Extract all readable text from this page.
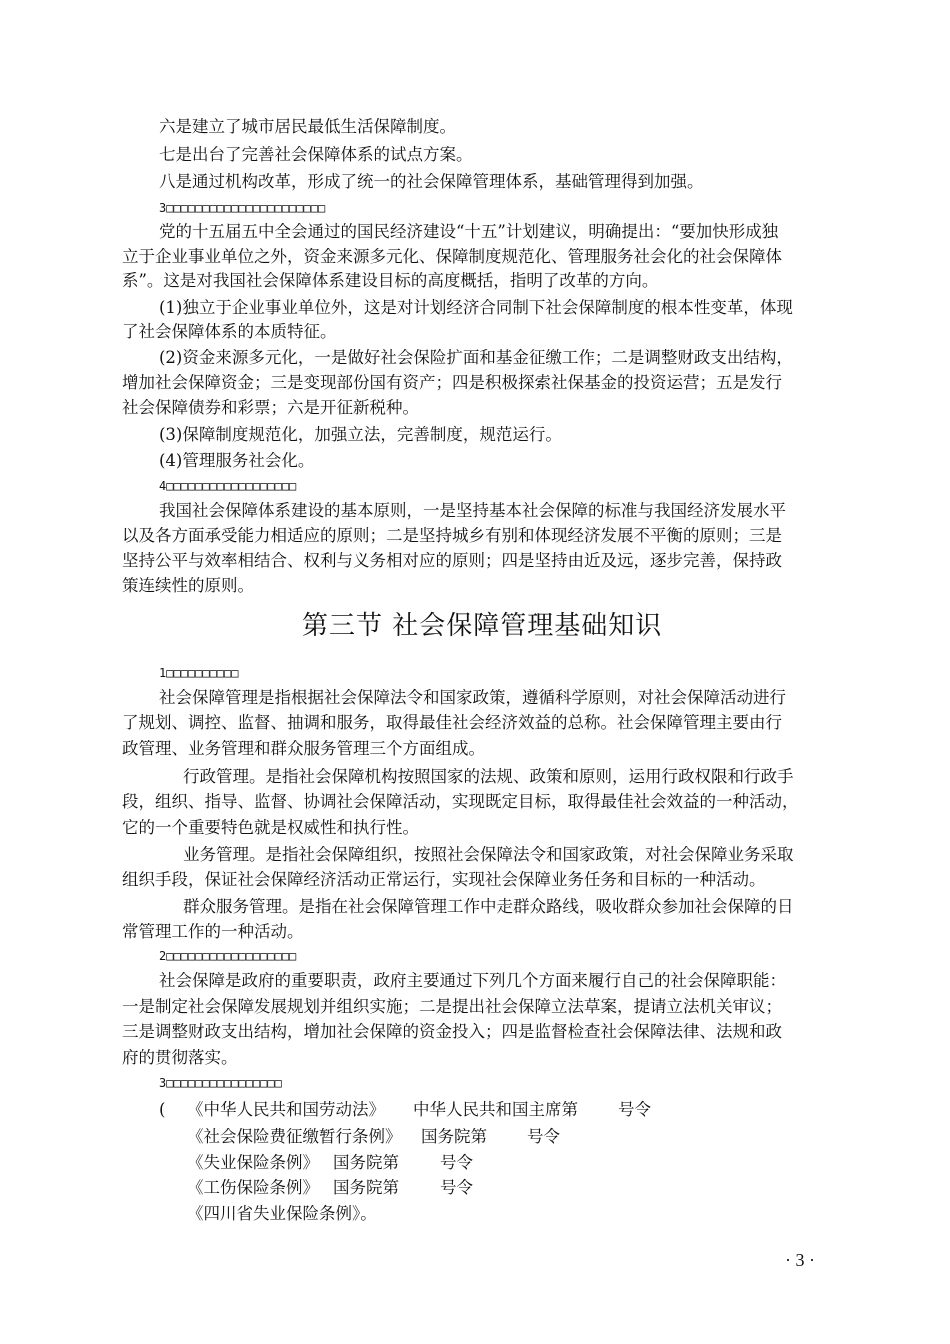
六是建立了城市居民最低生活保障制度。
七是出台了完善社会保障体系的试点方案。
八是通过机构改革，形成了统一的社会保障管理体系，基础管理得到加强。
3□□□□□□□□□□□□□□□□□□□□□□
党的十五届五中全会通过的国民经济建设“十五”计划建议，明确提出：“要加快形成独
立于企业事业单位之外，资金来源多元化、保障制度规范化、管理服务社会化的社会保障体
系”。这是对我国社会保障体系建设目标的高度概括，指明了改革的方向。
(1)独立于企业事业单位外，这是对计划经济合同制下社会保障制度的根本性变革，体现
了社会保障体系的本质特征。
(2)资金来源多元化，一是做好社会保险扩面和基金征缴工作；二是调整财政支出结构，
增加社会保障资金；三是变现部份国有资产；四是积极探索社保基金的投资运营；五是发行
社会保障债券和彩票；六是开征新税种。
(3)保障制度规范化，加强立法，完善制度，规范运行。
(4)管理服务社会化。
4□□□□□□□□□□□□□□□□□□
我国社会保障体系建设的基本原则，一是坚持基本社会保障的标准与我国经济发展水平
以及各方面承受能力相适应的原则；二是坚持城乡有别和体现经济发展不平衡的原则；三是
坚持公平与效率相结合、权利与义务相对应的原则；四是坚持由近及远，逐步完善，保持政
策连续性的原则。
第三节 社会保障管理基础知识
1□□□□□□□□□□
社会保障管理是指根据社会保障法令和国家政策，遵循科学原则，对社会保障活动进行
了规划、调控、监督、抽调和服务，取得最佳社会经济效益的总称。社会保障管理主要由行
政管理、业务管理和群众服务管理三个方面组成。
行政管理。是指社会保障机构按照国家的法规、政策和原则，运用行政权限和行政手
段，组织、指导、监督、协调社会保障活动，实现既定目标，取得最佳社会效益的一种活动，
它的一个重要特色就是权威性和执行性。
业务管理。是指社会保障组织，按照社会保障法令和国家政策，对社会保障业务采取
组织手段，保证社会保障经济活动正常运行，实现社会保障业务任务和目标的一种活动。
群众服务管理。是指在社会保障管理工作中走群众路线，吸收群众参加社会保障的日
常管理工作的一种活动。
2□□□□□□□□□□□□□□□□□□
社会保障是政府的重要职责，政府主要通过下列几个方面来履行自己的社会保障职能：
一是制定社会保障发展规划并组织实施；二是提出社会保障立法草案，提请立法机关审议；
三是调整财政支出结构，增加社会保障的资金投入；四是监督检查社会保障法律、法规和政
府的贯彻落实。
3□□□□□□□□□□□□□□□□
( 《中华人民共和国劳动法》 中华人民共和国主席第 号令
《社会保险费征缴暂行条例》 国务院第 号令
《失业保险条例》 国务院第 号令
《工伤保险条例》 国务院第 号令
《四川省失业保险条例》。
· 3 ·
